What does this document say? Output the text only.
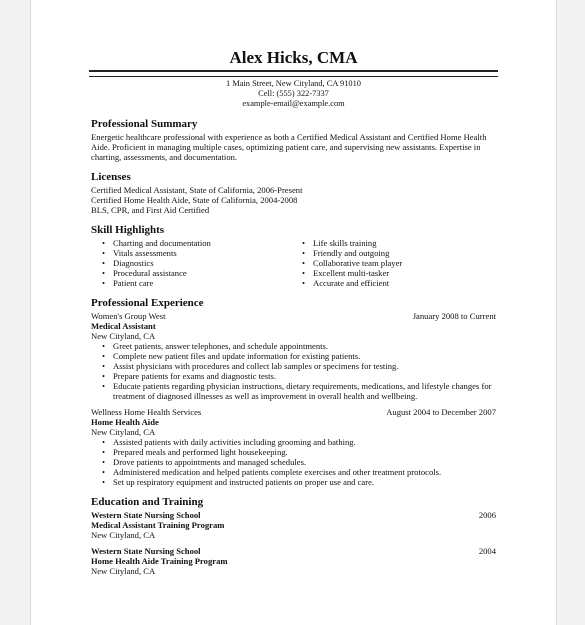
Alex Hicks, CMA
1 Main Street, New Cityland, CA 91010
Cell: (555) 322-7337
example-email@example.com
Professional Summary

Energetic healthcare professional with experience as both a Certified Medical Assistant and Certified Home Health Aide. Proficient in managing multiple cases, optimizing patient care, and supervising new assistants. Expertise in charting, assessments, and documentation.

Licenses

Certified Medical Assistant, State of California, 2006-Present

Certified Home Health Aide, State of California, 2004-2008

BLS, CPR, and First Aid Certified

Skill Highlights
• Charting and documentation
• Vitals assessments
• Diagnostics
• Procedural assistance
• Patient care
• Life skills training
• Friendly and outgoing
• Collaborative team player
• Excellent multi-tasker
• Accurate and efficient
Professional Experience
Women's Group West	January 2008 to Current
Medical Assistant
New Cityland, CA
• Greet patients, answer telephones, and schedule appointments.
• Complete new patient files and update information for existing patients.
• Assist physicians with procedures and collect lab samples or specimens for testing.
• Prepare patients for exams and diagnostic tests.
• Educate patients regarding physician instructions, dietary requirements, medications, and lifestyle changes for treatment of diagnosed illnesses as well as improvement in overall health and wellbeing.
Wellness Home Health Services	August 2004 to December 2007
Home Health Aide
New Cityland, CA
• Assisted patients with daily activities including grooming and bathing.
• Prepared meals and performed light housekeeping.
• Drove patients to appointments and managed schedules.
• Administered medication and helped patients complete exercises and other treatment protocols.
• Set up respiratory equipment and instructed patients on proper use and care.
Education and Training
Western State Nursing School	2006
Medical Assistant Training Program
New Cityland, CA
Western State Nursing School	2004
Home Health Aide Training Program
New Cityland, CA
